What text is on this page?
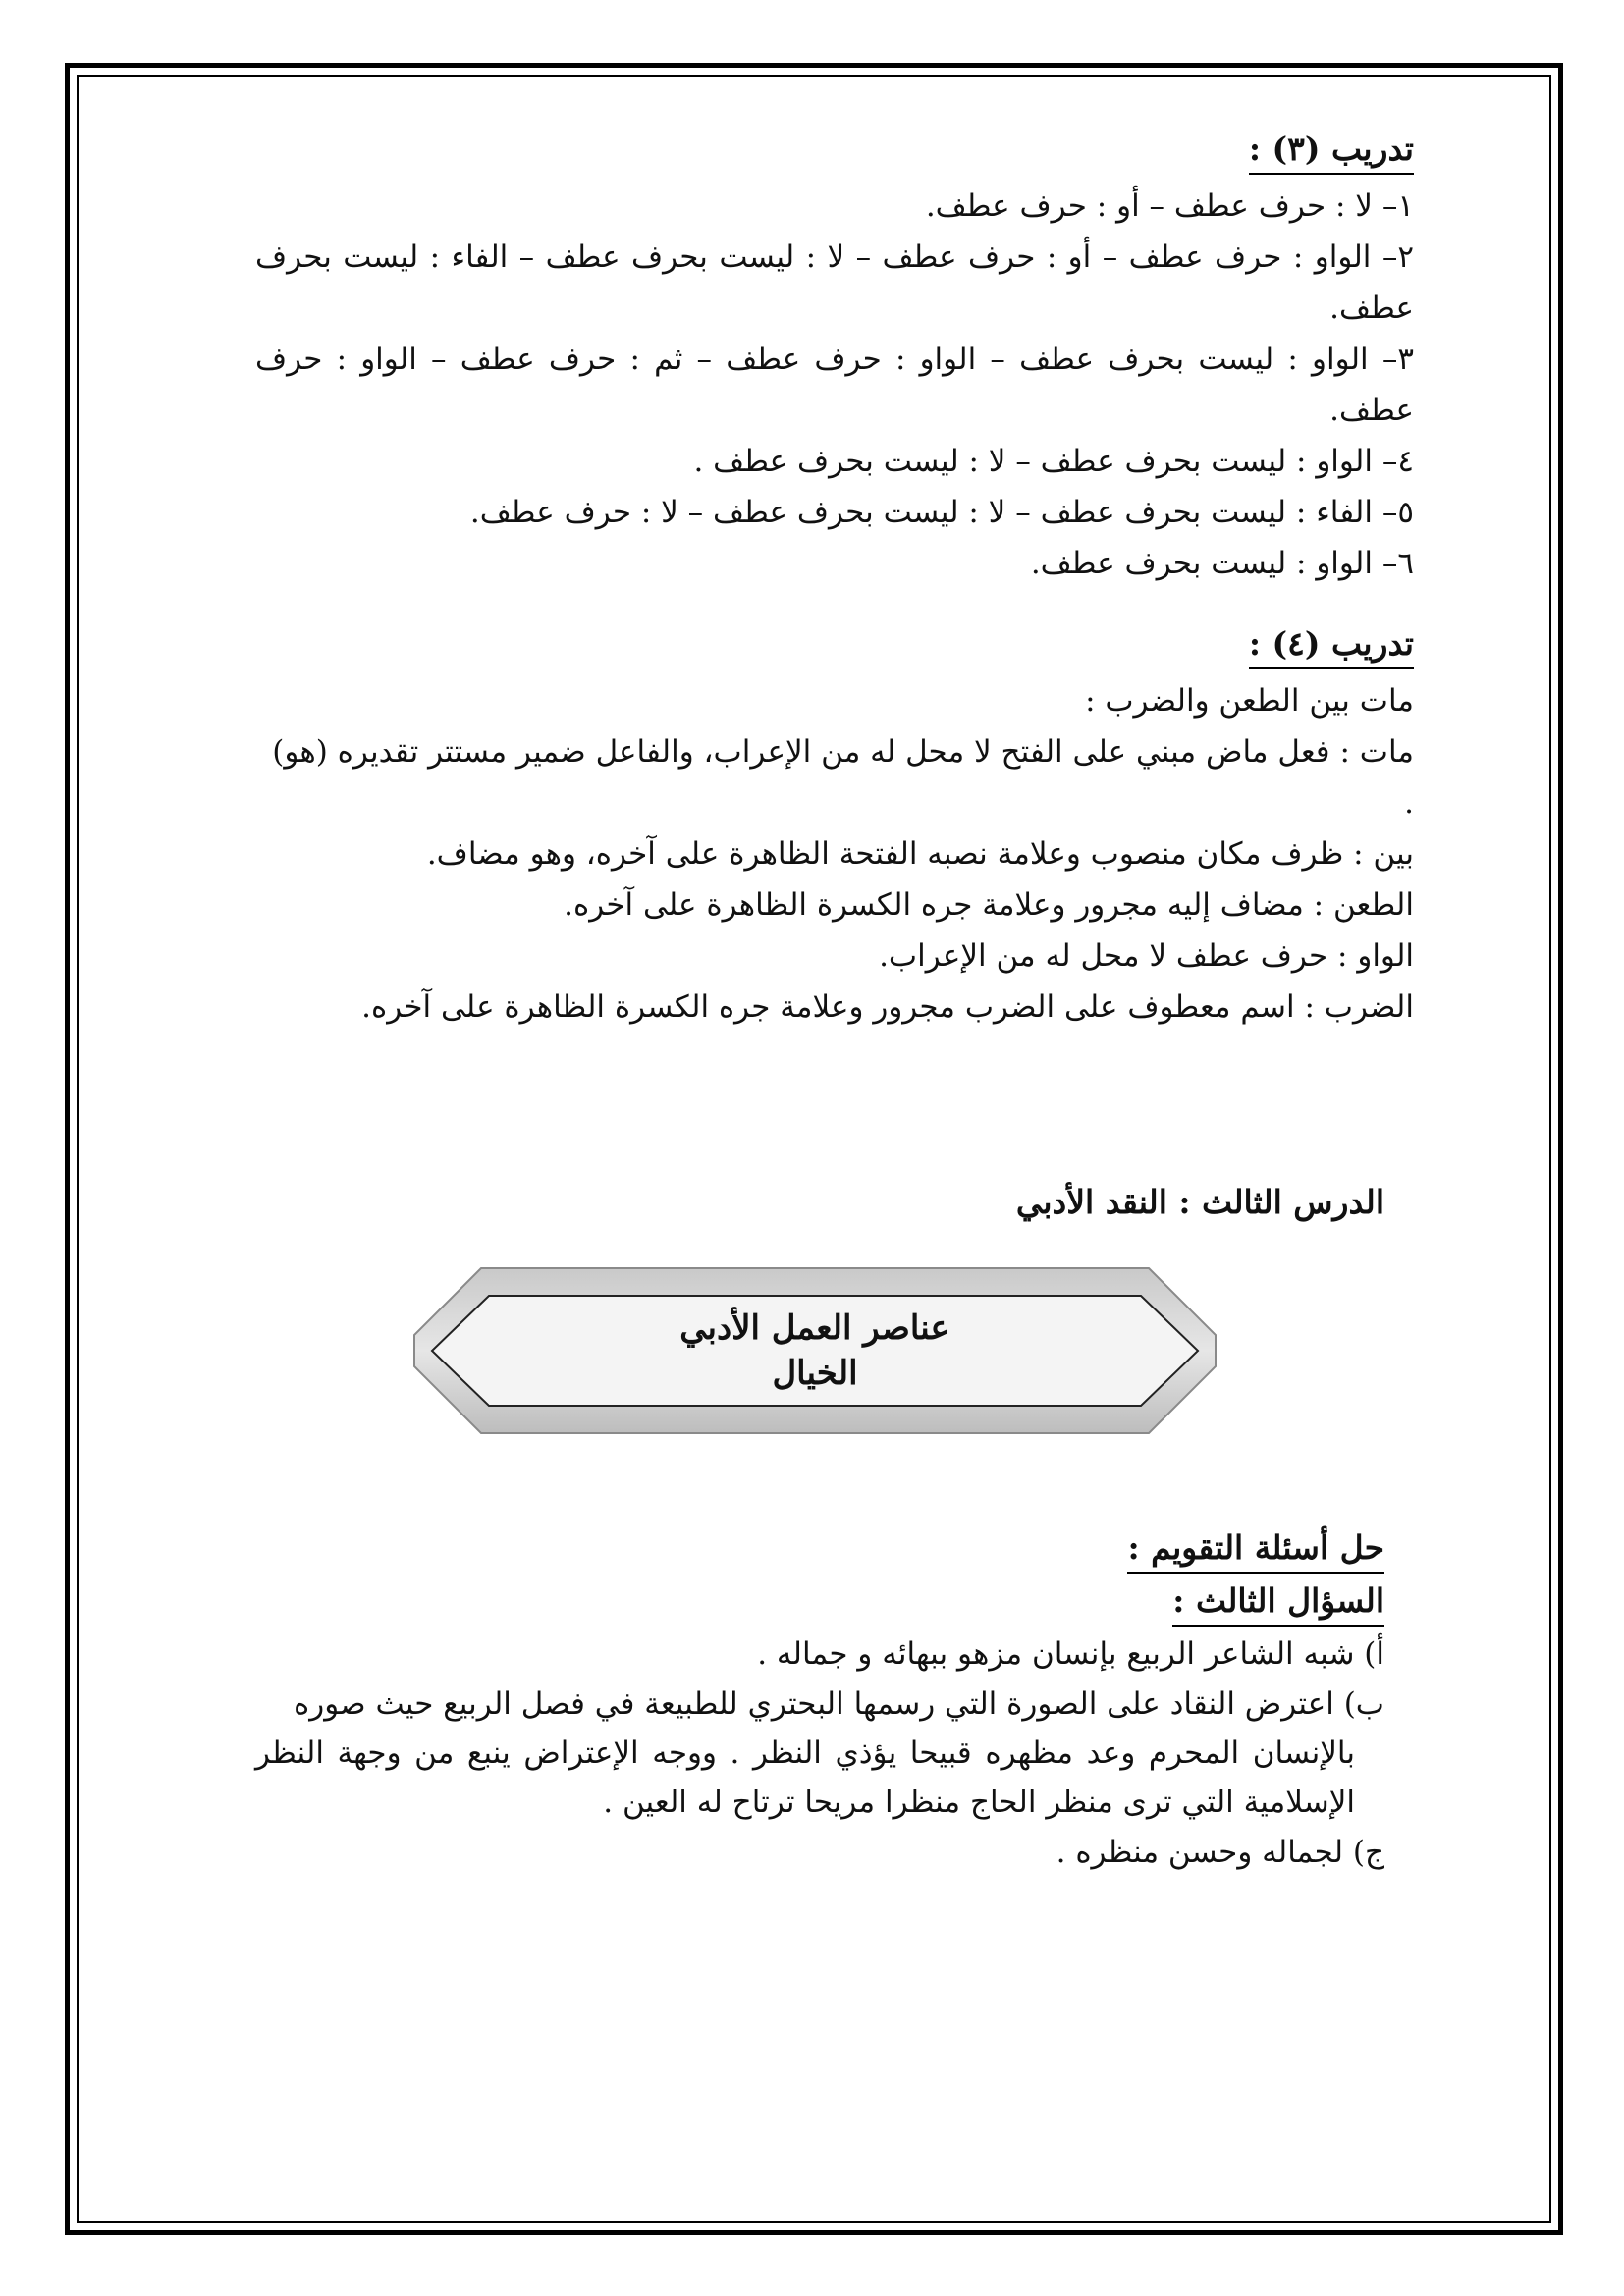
تدريب (٣) :

١– لا : حرف عطف – أو : حرف عطف.

٢– الواو : حرف عطف – أو : حرف عطف – لا : ليست بحرف عطف – الفاء : ليست بحرف عطف.

٣– الواو : ليست بحرف عطف – الواو : حرف عطف – ثم : حرف عطف – الواو : حرف عطف.

٤– الواو : ليست بحرف عطف – لا : ليست بحرف عطف .

٥– الفاء : ليست بحرف عطف – لا : ليست بحرف عطف – لا : حرف عطف.

٦– الواو : ليست بحرف عطف.

تدريب (٤) :

مات بين الطعن والضرب :

مات : فعل ماض مبني على الفتح لا محل له من الإعراب، والفاعل ضمير مستتر تقديره (هو) .

بين : ظرف مكان منصوب وعلامة نصبه الفتحة الظاهرة على آخره، وهو مضاف.

الطعن : مضاف إليه مجرور وعلامة جره الكسرة الظاهرة على آخره.

الواو : حرف عطف لا محل له من الإعراب.

الضرب : اسم معطوف على الضرب مجرور وعلامة جره الكسرة الظاهرة على آخره.

الدرس الثالث : النقد الأدبي

عناصر العمل الأدبي
الخيال
حل أسئلة التقويم :
السؤال الثالث :

أ) شبه الشاعر الربيع بإنسان مزهو ببهائه و جماله .

ب) اعترض النقاد على الصورة التي رسمها البحتري للطبيعة في فصل الربيع حيث صوره

بالإنسان المحرم وعد مظهره قبيحا يؤذي النظر . ووجه الإعتراض ينبع من وجهة النظر الإسلامية التي ترى منظر الحاج منظرا مريحا ترتاح له العين .

ج) لجماله وحسن منظره .
